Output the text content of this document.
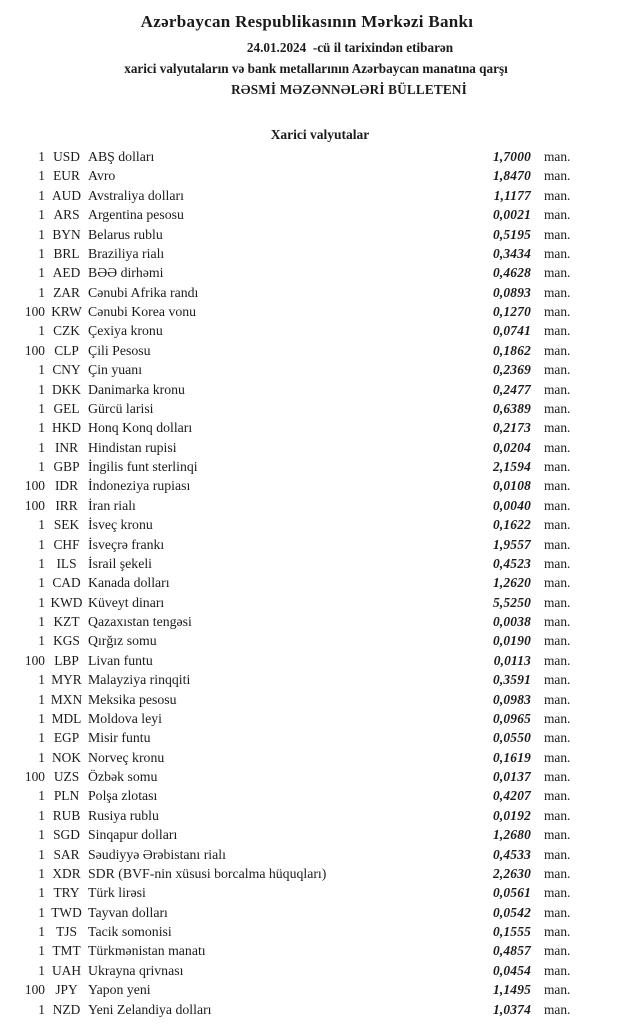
Azərbaycan Respublikasının Mərkəzi Bankı
24.01.2024  -cü il tarixindən etibarən
xarici valyutaların və bank metallarının Azərbaycan manatına qarşı
RƏSMİ MƏZƏNNƏLƏRİ BÜLLETENİ
Xarici valyutalar
1 USD ABŞ dolları	1,7000 man.
1 EUR Avro	1,8470 man.
1 AUD Avstraliya dolları	1,1177 man.
1 ARS Argentina pesosu	0,0021 man.
1 BYN Belarus rublu	0,5195 man.
1 BRL Braziliya rialı	0,3434 man.
1 AED BƏƏ dirhəmi	0,4628 man.
1 ZAR Cənubi Afrika randı	0,0893 man.
100 KRW Cənubi Korea vonu	0,1270 man.
1 CZK Çexiya kronu	0,0741 man.
100 CLP Çili Pesosu	0,1862 man.
1 CNY Çin yuanı	0,2369 man.
1 DKK Danimarka kronu	0,2477 man.
1 GEL Gürcü larisi	0,6389 man.
1 HKD Honq Konq dolları	0,2173 man.
1 INR Hindistan rupisi	0,0204 man.
1 GBP İngilis funt sterlinqi	2,1594 man.
100 IDR İndoneziya rupiası	0,0108 man.
100 IRR İran rialı	0,0040 man.
1 SEK İsveç kronu	0,1622 man.
1 CHF İsveçrə frankı	1,9557 man.
1 ILS İsrail şekeli	0,4523 man.
1 CAD Kanada dolları	1,2620 man.
1 KWD Küveyt dinarı	5,5250 man.
1 KZT Qazaxıstan tengəsi	0,0038 man.
1 KGS Qırğız somu	0,0190 man.
100 LBP Livan funtu	0,0113 man.
1 MYR Malayziya rinqqiti	0,3591 man.
1 MXN Meksika pesosu	0,0983 man.
1 MDL Moldova leyi	0,0965 man.
1 EGP Misir funtu	0,0550 man.
1 NOK Norveç kronu	0,1619 man.
100 UZS Özbək somu	0,0137 man.
1 PLN Polşa zlotası	0,4207 man.
1 RUB Rusiya rublu	0,0192 man.
1 SGD Sinqapur dolları	1,2680 man.
1 SAR Səudiyyə Ərəbistanı rialı	0,4533 man.
1 XDR SDR (BVF-nin xüsusi borcalma hüquqları)	2,2630 man.
1 TRY Türk lirəsi	0,0561 man.
1 TWD Tayvan dolları	0,0542 man.
1 TJS Tacik somonisi	0,1555 man.
1 TMT Türkmənistan manatı	0,4857 man.
1 UAH Ukrayna qrivnası	0,0454 man.
100 JPY Yapon yeni	1,1495 man.
1 NZD Yeni Zelandiya dolları	1,0374 man.
